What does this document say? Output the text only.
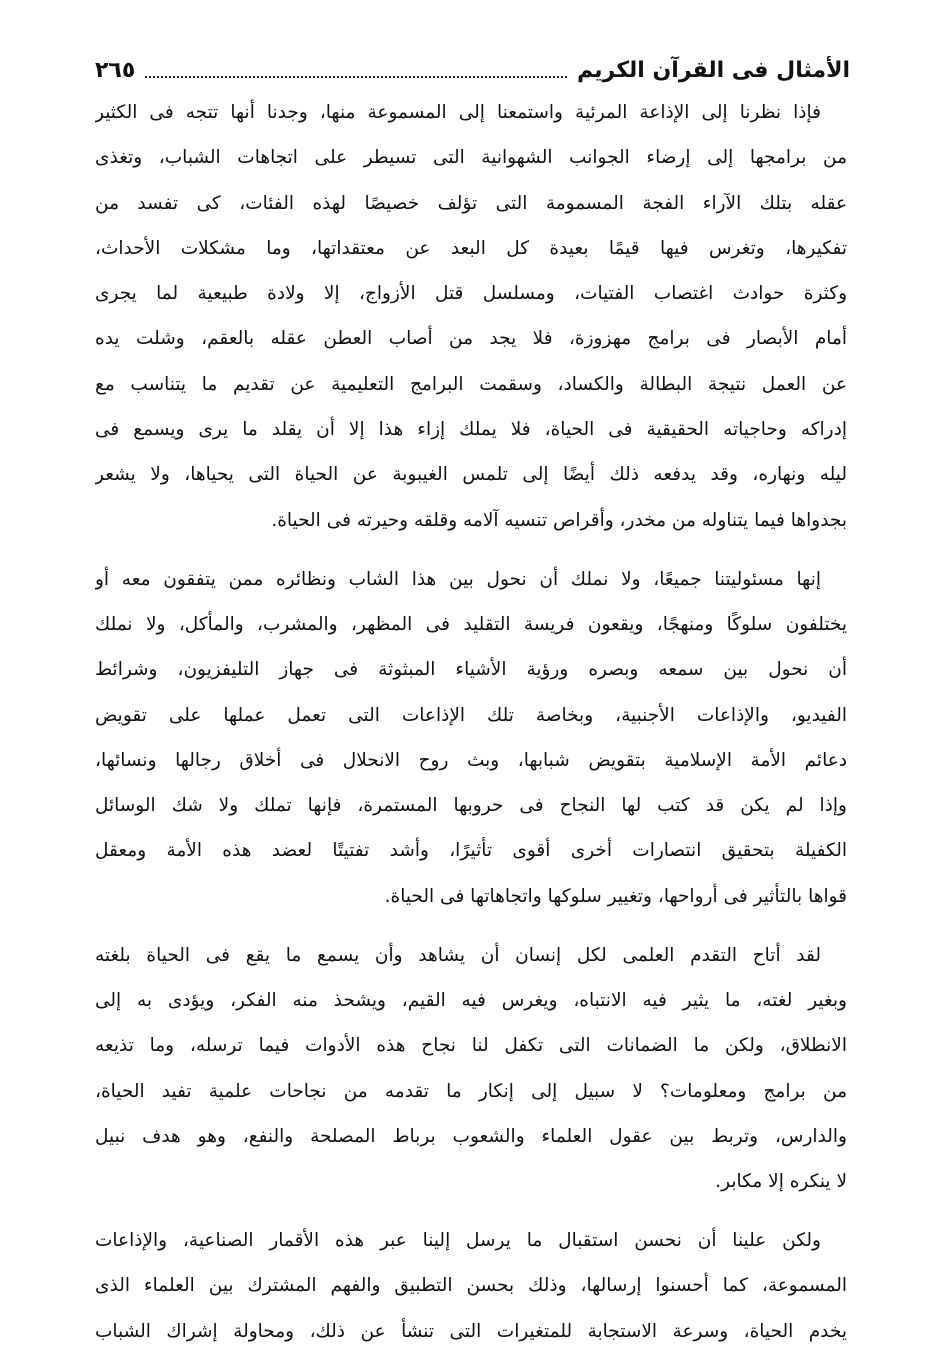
الأمثال فى القرآن الكريم
٢٦٥
فإذا نظرنا إلى الإذاعة المرئية واستمعنا إلى المسموعة منها، وجدنا أنها تتجه فى الكثير
من برامجها إلى إرضاء الجوانب الشهوانية التى تسيطر على اتجاهات الشباب، وتغذى
عقله بتلك الآراء الفجة المسمومة التى تؤلف خصيصًا لهذه الفئات، كى تفسد من
تفكيرها، وتغرس فيها قيمًا بعيدة كل البعد عن معتقداتها، وما مشكلات الأحداث،
وكثرة حوادث اغتصاب الفتيات، ومسلسل قتل الأزواج، إلا ولادة طبيعية لما يجرى
أمام الأبصار فى برامج مهزوزة، فلا يجد من أصاب العطن عقله بالعقم، وشلت يده
عن العمل نتيجة البطالة والكساد، وسقمت البرامج التعليمية عن تقديم ما يتناسب مع
إدراكه وحاجياته الحقيقية فى الحياة، فلا يملك إزاء هذا إلا أن يقلد ما يرى ويسمع فى
ليله ونهاره، وقد يدفعه ذلك أيضًا إلى تلمس الغيبوبة عن الحياة التى يحياها، ولا يشعر
بجدواها فيما يتناوله من مخدر، وأقراص تنسيه آلامه وقلقه وحيرته فى الحياة.
إنها مسئوليتنا جميعًا، ولا نملك أن نحول بين هذا الشاب ونظائره ممن يتفقون معه أو
يختلفون سلوكًا ومنهجًا، ويقعون فريسة التقليد فى المظهر، والمشرب، والمأكل، ولا نملك
أن نحول بين سمعه وبصره ورؤية الأشياء المبثوثة فى جهاز التليفزيون، وشرائط
الفيديو، والإذاعات الأجنبية، وبخاصة تلك الإذاعات التى تعمل عملها على تقويض
دعائم الأمة الإسلامية بتقويض شبابها، وبث روح الانحلال فى أخلاق رجالها ونسائها،
وإذا لم يكن قد كتب لها النجاح فى حروبها المستمرة، فإنها تملك ولا شك الوسائل
الكفيلة بتحقيق انتصارات أخرى أقوى تأثيرًا، وأشد تفتيتًا لعضد هذه الأمة ومعقل
قواها بالتأثير فى أرواحها، وتغيير سلوكها واتجاهاتها فى الحياة.
لقد أتاح التقدم العلمى لكل إنسان أن يشاهد وأن يسمع ما يقع فى الحياة بلغته
وبغير لغته، ما يثير فيه الانتباه، ويغرس فيه القيم، ويشحذ منه الفكر، ويؤدى به إلى
الانطلاق، ولكن ما الضمانات التى تكفل لنا نجاح هذه الأدوات فيما ترسله، وما تذيعه
من برامج ومعلومات؟ لا سبيل إلى إنكار ما تقدمه من نجاحات علمية تفيد الحياة،
والدارس، وتربط بين عقول العلماء والشعوب برباط المصلحة والنفع، وهو هدف نبيل
لا ينكره إلا مكابر.
ولكن علينا أن نحسن استقبال ما يرسل إلينا عبر هذه الأقمار الصناعية، والإذاعات
المسموعة، كما أحسنوا إرسالها، وذلك بحسن التطبيق والفهم المشترك بين العلماء الذى
يخدم الحياة، وسرعة الاستجابة للمتغيرات التى تنشأ عن ذلك، ومحاولة إشراك الشباب
